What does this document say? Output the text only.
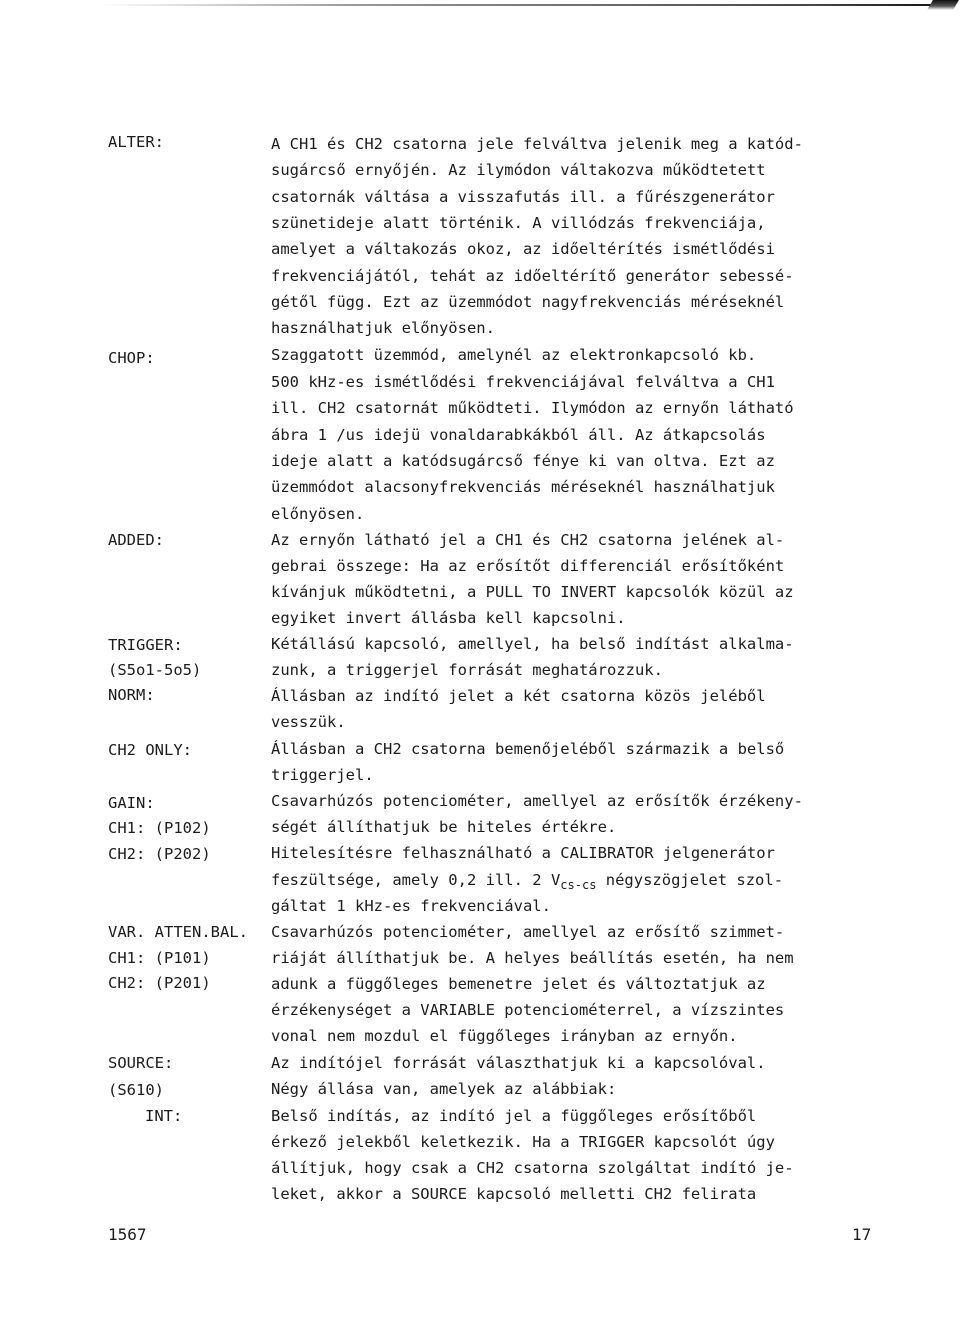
ALTER:
CHOP:
ADDED:
TRIGGER:
(S5o1-5o5)
NORM:
CH2 ONLY:
GAIN:
CH1: (P102)
CH2: (P202)
VAR. ATTEN.BAL.
CH1: (P101)
CH2: (P201)
SOURCE:
(S610)
INT:
A CH1 és CH2 csatorna jele felváltva jelenik meg a katód-
sugárcső ernyőjén. Az ilymódon váltakozva működtetett
csatornák váltása a visszafutás ill. a fűrészgenerátor
szünetideje alatt történik. A villódzás frekvenciája,
amelyet a váltakozás okoz, az időeltérítés ismétlődési
frekvenciájától, tehát az időeltérítő generátor sebessé-
gétől függ. Ezt az üzemmódot nagyfrekvenciás méréseknél
használhatjuk előnyösen.
Szaggatott üzemmód, amelynél az elektronkapcsoló kb.
500 kHz-es ismétlődési frekvenciájával felváltva a CH1
ill. CH2 csatornát működteti. Ilymódon az ernyőn látható
ábra 1 /us idejü vonaldarabkákból áll. Az átkapcsolás
ideje alatt a katódsugárcső fénye ki van oltva. Ezt az
üzemmódot alacsonyfrekvenciás méréseknél használhatjuk
előnyösen.
Az ernyőn látható jel a CH1 és CH2 csatorna jelének al-
gebrai összege: Ha az erősítőt differenciál erősítőként
kívánjuk működtetni, a PULL TO INVERT kapcsolók közül az
egyiket invert állásba kell kapcsolni.
Kétállású kapcsoló, amellyel, ha belső indítást alkalma-
zunk, a triggerjel forrását meghatározzuk.
Állásban az indító jelet a két csatorna közös jeléből
vesszük.
Állásban a CH2 csatorna bemenőjeléből származik a belső
triggerjel.
Csavarhúzós potenciométer, amellyel az erősítők érzékeny-
ségét állíthatjuk be hiteles értékre.
Hitelesítésre felhasználható a CALIBRATOR jelgenerátor
feszültsége, amely 0,2 ill. 2 $V_{cs-cs}$ négyszögjelet szol-
gáltat 1 kHz-es frekvenciával.
Csavarhúzós potenciométer, amellyel az erősítő szimmet-
riáját állíthatjuk be. A helyes beállítás esetén, ha nem
adunk a függőleges bemenetre jelet és változtatjuk az
érzékenységet a VARIABLE potenciométerrel, a vízszintes
vonal nem mozdul el függőleges irányban az ernyőn.
Az indítójel forrását választhatjuk ki a kapcsolóval.
Négy állása van, amelyek az alábbiak:
Belső indítás, az indító jel a függőleges erősítőből
érkező jelekből keletkezik. Ha a TRIGGER kapcsolót úgy
állítjuk, hogy csak a CH2 csatorna szolgáltat indító je-
leket, akkor a SOURCE kapcsoló melletti CH2 felirata
1567	17
